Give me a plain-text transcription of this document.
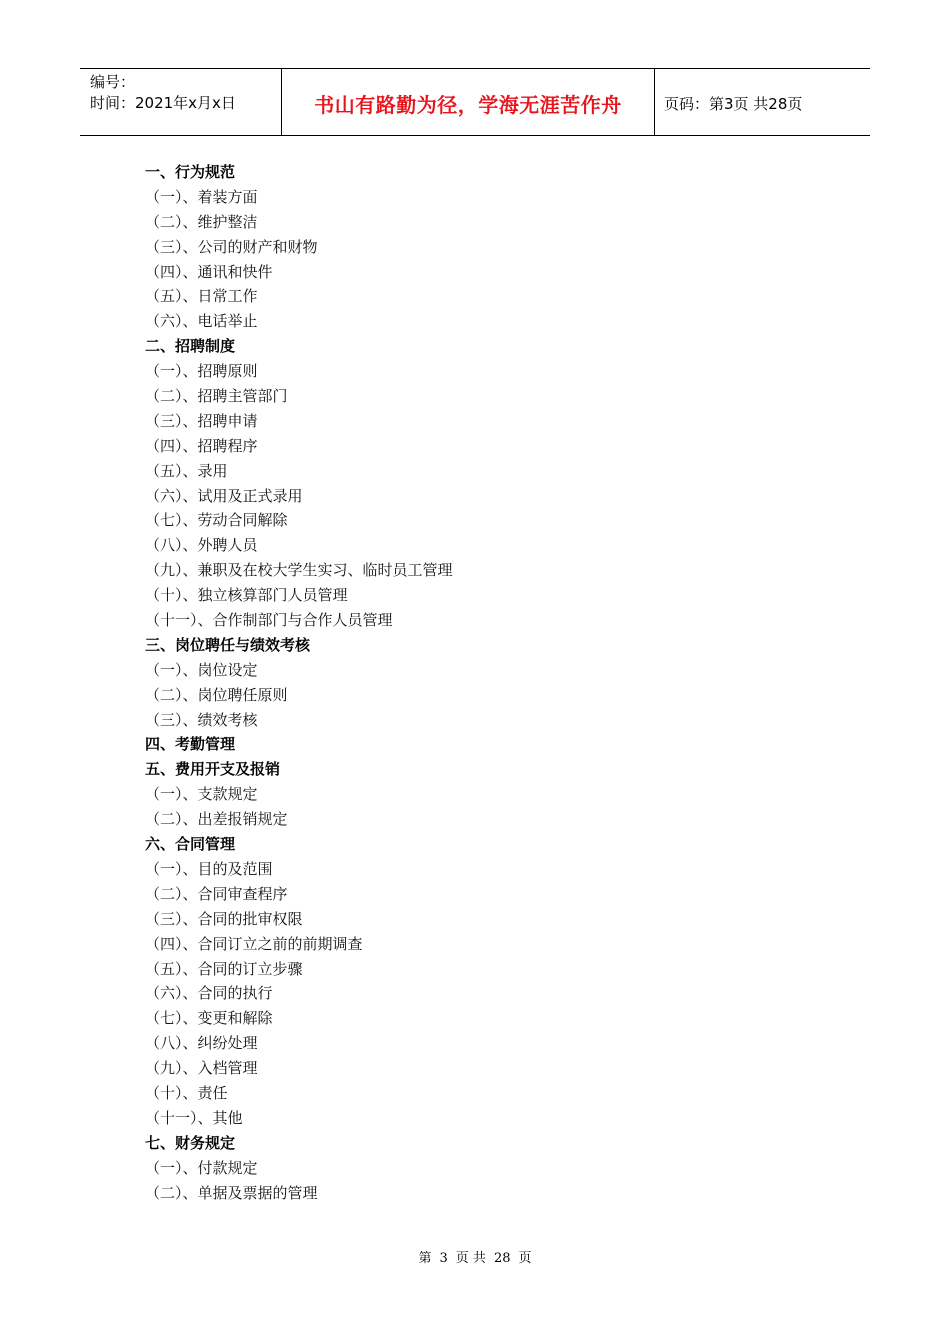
编号：
时间：2021年x月x日	书山有路勤为径，学海无涯苦作舟	页码：第3页 共28页
一、行为规范
（一）、着装方面
（二）、维护整洁
（三）、公司的财产和财物
（四）、通讯和快件
（五）、日常工作
（六）、电话举止
二、招聘制度
（一）、招聘原则
（二）、招聘主管部门
（三）、招聘申请
（四）、招聘程序
（五）、录用
（六）、试用及正式录用
（七）、劳动合同解除
（八）、外聘人员
（九）、兼职及在校大学生实习、临时员工管理
（十）、独立核算部门人员管理
（十一）、合作制部门与合作人员管理
三、岗位聘任与绩效考核
（一）、岗位设定
（二）、岗位聘任原则
（三）、绩效考核
四、考勤管理
五、费用开支及报销
（一）、支款规定
（二）、出差报销规定
六、合同管理
（一）、目的及范围
（二）、合同审查程序
（三）、合同的批审权限
（四）、合同订立之前的前期调查
（五）、合同的订立步骤
（六）、合同的执行
（七）、变更和解除
（八）、纠纷处理
（九）、入档管理
（十）、责任
（十一）、其他
七、财务规定
（一）、付款规定
（二）、单据及票据的管理
第 3 页 共 28 页
